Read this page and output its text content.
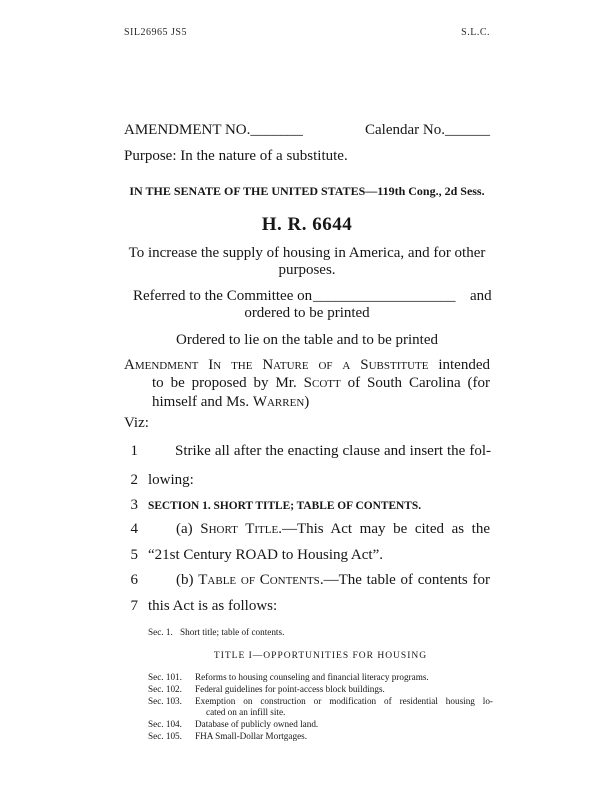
SIL26965 JS5	S.L.C.
AMENDMENT NO._______	Calendar No.______
Purpose: In the nature of a substitute.
IN THE SENATE OF THE UNITED STATES—119th Cong., 2d Sess.
H. R. 6644
To increase the supply of housing in America, and for other
purposes.
Referred to the Committee on ___________________ and
ordered to be printed
Ordered to lie on the table and to be printed
Amendment In the Nature of a Substitute intended
to be proposed by Mr. Scott of South Carolina (for
himself and Ms. Warren)
Viz:
1 Strike all after the enacting clause and insert the fol-
2 lowing:
3 SECTION 1. SHORT TITLE; TABLE OF CONTENTS.
4	(a) Short Title.—This Act may be cited as the
5 “21st Century ROAD to Housing Act”.
6	(b) Table of Contents.—The table of contents for
7 this Act is as follows:
Sec. 1. Short title; table of contents.
TITLE I—OPPORTUNITIES FOR HOUSING
Sec. 101. Reforms to housing counseling and financial literacy programs.
Sec. 102. Federal guidelines for point-access block buildings.
Sec. 103. Exemption on construction or modification of residential housing lo-
cated on an infill site.
Sec. 104. Database of publicly owned land.
Sec. 105. FHA Small-Dollar Mortgages.
